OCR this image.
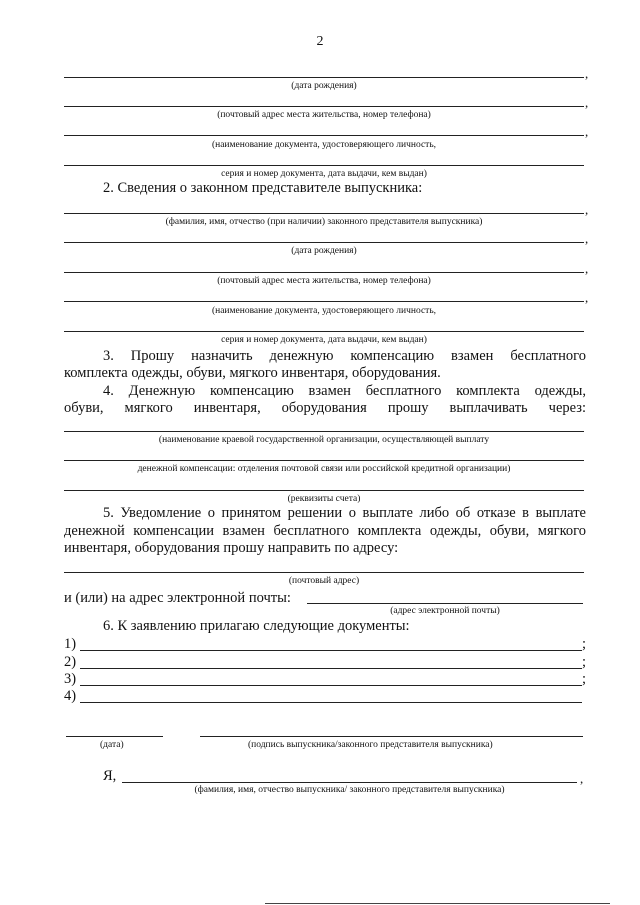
2
,
(дата рождения)
,
(почтовый адрес места жительства, номер телефона)
,
(наименование документа, удостоверяющего личность,
серия и номер документа, дата выдачи, кем выдан)
2. Сведения о законном представителе выпускника:
,
(фамилия, имя, отчество (при наличии) законного представителя выпускника)
,
(дата рождения)
,
(почтовый адрес места жительства, номер телефона)
,
(наименование документа, удостоверяющего личность,
серия и номер документа, дата выдачи, кем выдан)
3. Прошу назначить денежную компенсацию взамен бесплатного
комплекта одежды, обуви, мягкого инвентаря, оборудования.
4. Денежную компенсацию взамен бесплатного комплекта одежды,
обуви, мягкого инвентаря, оборудования прошу выплачивать через:
(наименование краевой государственной организации, осуществляющей выплату
денежной компенсации: отделения почтовой связи или российской кредитной организации)
(реквизиты счета)
5. Уведомление о принятом решении о выплате либо об отказе в выплате
денежной компенсации взамен бесплатного комплекта одежды, обуви, мягкого
инвентаря, оборудования прошу направить по адресу:
(почтовый адрес)
и (или) на адрес электронной почты:
(адрес электронной почты)
6. К заявлению прилагаю следующие документы:
1)	;
2)	;
3)	;
4)
(дата)	(подпись выпускника/законного представителя выпускника)
Я,	,
(фамилия, имя, отчество выпускника/ законного представителя выпускника)
